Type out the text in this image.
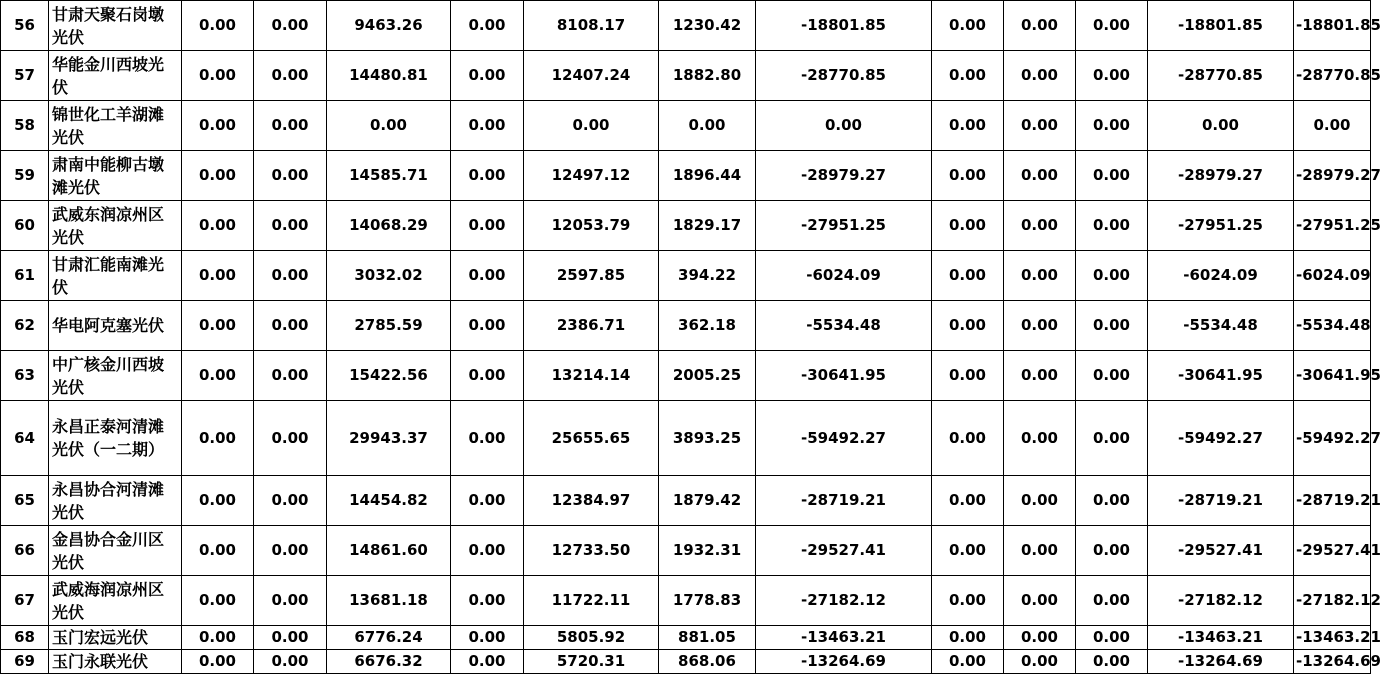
56	甘肃天聚石岗墩光伏	0.00	0.00	9463.26	0.00	8108.17	1230.42	-18801.85	0.00	0.00	0.00	-18801.85	-18801.85
57	华能金川西坡光伏	0.00	0.00	14480.81	0.00	12407.24	1882.80	-28770.85	0.00	0.00	0.00	-28770.85	-28770.85
58	锦世化工羊湖滩光伏	0.00	0.00	0.00	0.00	0.00	0.00	0.00	0.00	0.00	0.00	0.00	0.00
59	肃南中能柳古墩滩光伏	0.00	0.00	14585.71	0.00	12497.12	1896.44	-28979.27	0.00	0.00	0.00	-28979.27	-28979.27
60	武威东润凉州区光伏	0.00	0.00	14068.29	0.00	12053.79	1829.17	-27951.25	0.00	0.00	0.00	-27951.25	-27951.25
61	甘肃汇能南滩光伏	0.00	0.00	3032.02	0.00	2597.85	394.22	-6024.09	0.00	0.00	0.00	-6024.09	-6024.09
62	华电阿克塞光伏	0.00	0.00	2785.59	0.00	2386.71	362.18	-5534.48	0.00	0.00	0.00	-5534.48	-5534.48
63	中广核金川西坡光伏	0.00	0.00	15422.56	0.00	13214.14	2005.25	-30641.95	0.00	0.00	0.00	-30641.95	-30641.95
64	永昌正泰河清滩光伏（一二期）	0.00	0.00	29943.37	0.00	25655.65	3893.25	-59492.27	0.00	0.00	0.00	-59492.27	-59492.27
65	永昌协合河清滩光伏	0.00	0.00	14454.82	0.00	12384.97	1879.42	-28719.21	0.00	0.00	0.00	-28719.21	-28719.21
66	金昌协合金川区光伏	0.00	0.00	14861.60	0.00	12733.50	1932.31	-29527.41	0.00	0.00	0.00	-29527.41	-29527.41
67	武威海润凉州区光伏	0.00	0.00	13681.18	0.00	11722.11	1778.83	-27182.12	0.00	0.00	0.00	-27182.12	-27182.12
68	玉门宏远光伏	0.00	0.00	6776.24	0.00	5805.92	881.05	-13463.21	0.00	0.00	0.00	-13463.21	-13463.21
69	玉门永联光伏	0.00	0.00	6676.32	0.00	5720.31	868.06	-13264.69	0.00	0.00	0.00	-13264.69	-13264.69
